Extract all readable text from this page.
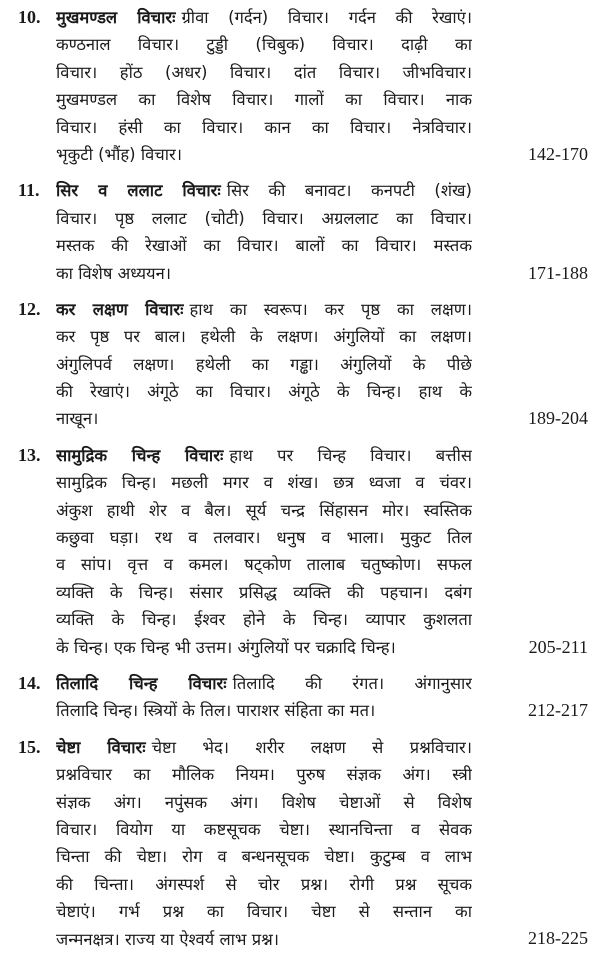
10. मुखमण्डल विचारः ग्रीवा (गर्दन) विचार। गर्दन की रेखाएं।
कण्ठनाल विचार। टुड्डी (चिबुक) विचार। दाढ़ी का
विचार। होंठ (अधर) विचार। दांत विचार। जीभविचार।
मुखमण्डल का विशेष विचार। गालों का विचार। नाक
विचार। हंसी का विचार। कान का विचार। नेत्रविचार।
भृकुटी (भौंह) विचार।	142-170
11. सिर व ललाट विचारः सिर की बनावट। कनपटी (शंख)
विचार। पृष्ठ ललाट (चोटी) विचार। अग्रललाट का विचार।
मस्तक की रेखाओं का विचार। बालों का विचार। मस्तक
का विशेष अध्ययन।	171-188
12. कर लक्षण विचारः हाथ का स्वरूप। कर पृष्ठ का लक्षण।
कर पृष्ठ पर बाल। हथेली के लक्षण। अंगुलियों का लक्षण।
अंगुलिपर्व लक्षण। हथेली का गड्ढा। अंगुलियों के पीछे
की रेखाएं। अंगूठे का विचार। अंगूठे के चिन्ह। हाथ के
नाखून।	189-204
13. सामुद्रिक चिन्ह विचारः हाथ पर चिन्ह विचार। बत्तीस
सामुद्रिक चिन्ह। मछली मगर व शंख। छत्र ध्वजा व चंवर।
अंकुश हाथी शेर व बैल। सूर्य चन्द्र सिंहासन मोर। स्वस्तिक
कछुवा घड़ा। रथ व तलवार। धनुष व भाला। मुकुट तिल
व सांप। वृत्त व कमल। षट्कोण तालाब चतुष्कोण। सफल
व्यक्ति के चिन्ह। संसार प्रसिद्ध व्यक्ति की पहचान। दबंग
व्यक्ति के चिन्ह। ईश्वर होने के चिन्ह। व्यापार कुशलता
के चिन्ह। एक चिन्ह भी उत्तम। अंगुलियों पर चक्रादि चिन्ह।	205-211
14. तिलादि चिन्ह विचारः तिलादि की रंगत। अंगानुसार
तिलादि चिन्ह। स्त्रियों के तिल। पाराशर संहिता का मत।	212-217
15. चेष्टा विचारः चेष्टा भेद। शरीर लक्षण से प्रश्नविचार।
प्रश्नविचार का मौलिक नियम। पुरुष संज्ञक अंग। स्त्री
संज्ञक अंग। नपुंसक अंग। विशेष चेष्टाओं से विशेष
विचार। वियोग या कष्टसूचक चेष्टा। स्थानचिन्ता व सेवक
चिन्ता की चेष्टा। रोग व बन्धनसूचक चेष्टा। कुटुम्ब व लाभ
की चिन्ता। अंगस्पर्श से चोर प्रश्न। रोगी प्रश्न सूचक
चेष्टाएं। गर्भ प्रश्न का विचार। चेष्टा से सन्तान का
जन्मनक्षत्र। राज्य या ऐश्वर्य लाभ प्रश्न।	218-225
